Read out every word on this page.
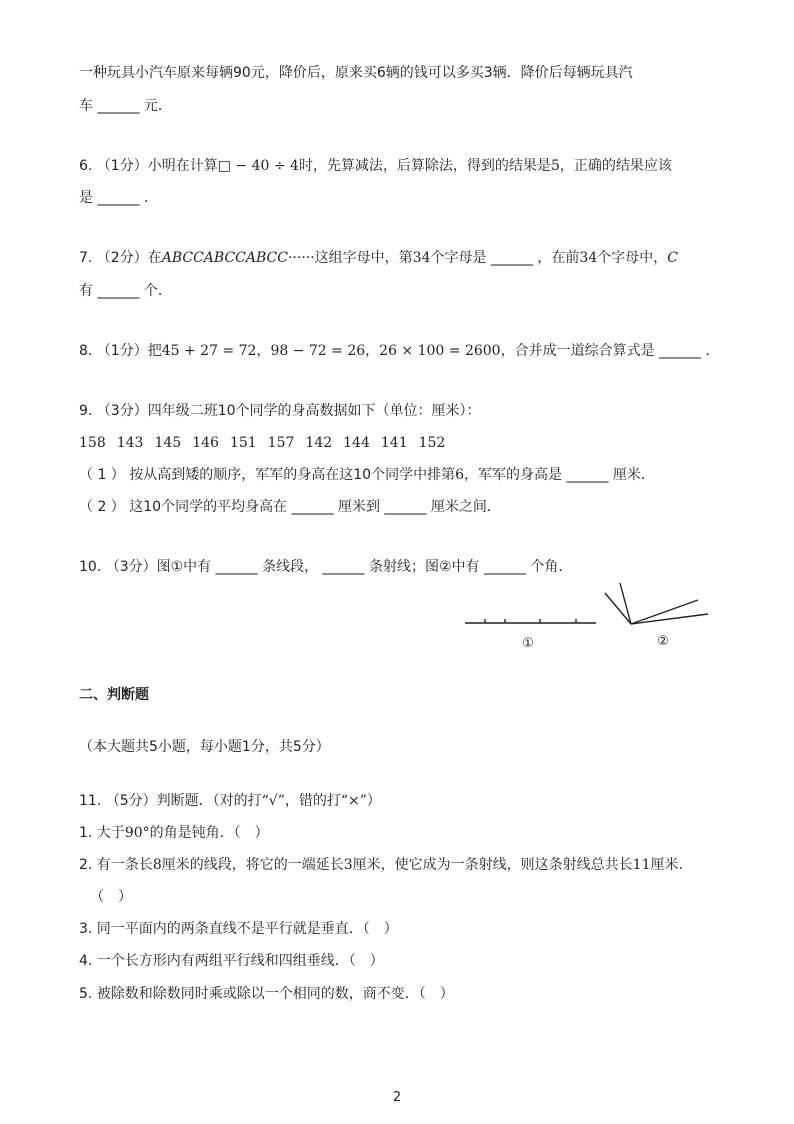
一种玩具小汽车原来每辆90元，降价后，原来买6辆的钱可以多买3辆．降价后每辆玩具汽
车 ______ 元．
6. （1分）小明在计算□ − 40 ÷ 4时，先算减法，后算除法，得到的结果是5，正确的结果应该
是 ______ ．
7. （2分）在ABCCABCCABCC······这组字母中，第34个字母是 ______ ，在前34个字母中，C
有 ______ 个．
8. （1分）把45 + 27 = 72，98 − 72 = 26，26 × 100 = 2600，合并成一道综合算式是 ______ ．
9. （3分）四年级二班10个同学的身高数据如下（单位：厘米）：
158 143 145 146 151 157 142 144 141 152
（ 1 ） 按从高到矮的顺序，军军的身高在这10个同学中排第6，军军的身高是 ______ 厘米．
（ 2 ） 这10个同学的平均身高在 ______ 厘米到 ______ 厘米之间．
10. （3分）图①中有 ______ 条线段， ______ 条射线；图②中有 ______ 个角．
①	②
二、判断题
（本大题共5小题，每小题1分，共5分）
11. （5分）判断题．（对的打“√”，错的打“×”）
1. 大于90°的角是钝角．（　）
2. 有一条长8厘米的线段，将它的一端延长3厘米，使它成为一条射线，则这条射线总共长11厘米．
（　）
3. 同一平面内的两条直线不是平行就是垂直．（　）
4. 一个长方形内有两组平行线和四组垂线．（　）
5. 被除数和除数同时乘或除以一个相同的数，商不变．（　）
2
